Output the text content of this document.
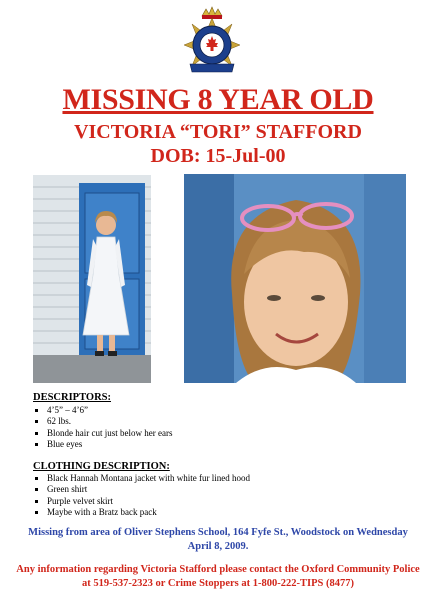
MISSING 8 YEAR OLD
VICTORIA “TORI” STAFFORD
DOB: 15-Jul-00
DESCRIPTORS:
4’5” – 4’6”
62 lbs.
Blonde hair cut just below her ears
Blue eyes
CLOTHING DESCRIPTION:
Black Hannah Montana jacket with white fur lined hood
Green shirt
Purple velvet skirt
Maybe with a Bratz back pack
Missing from area of Oliver Stephens School, 164 Fyfe St., Woodstock on Wednesday
April 8, 2009.
Any information regarding Victoria Stafford please contact the Oxford Community Police
at 519-537-2323 or Crime Stoppers at 1-800-222-TIPS (8477)
